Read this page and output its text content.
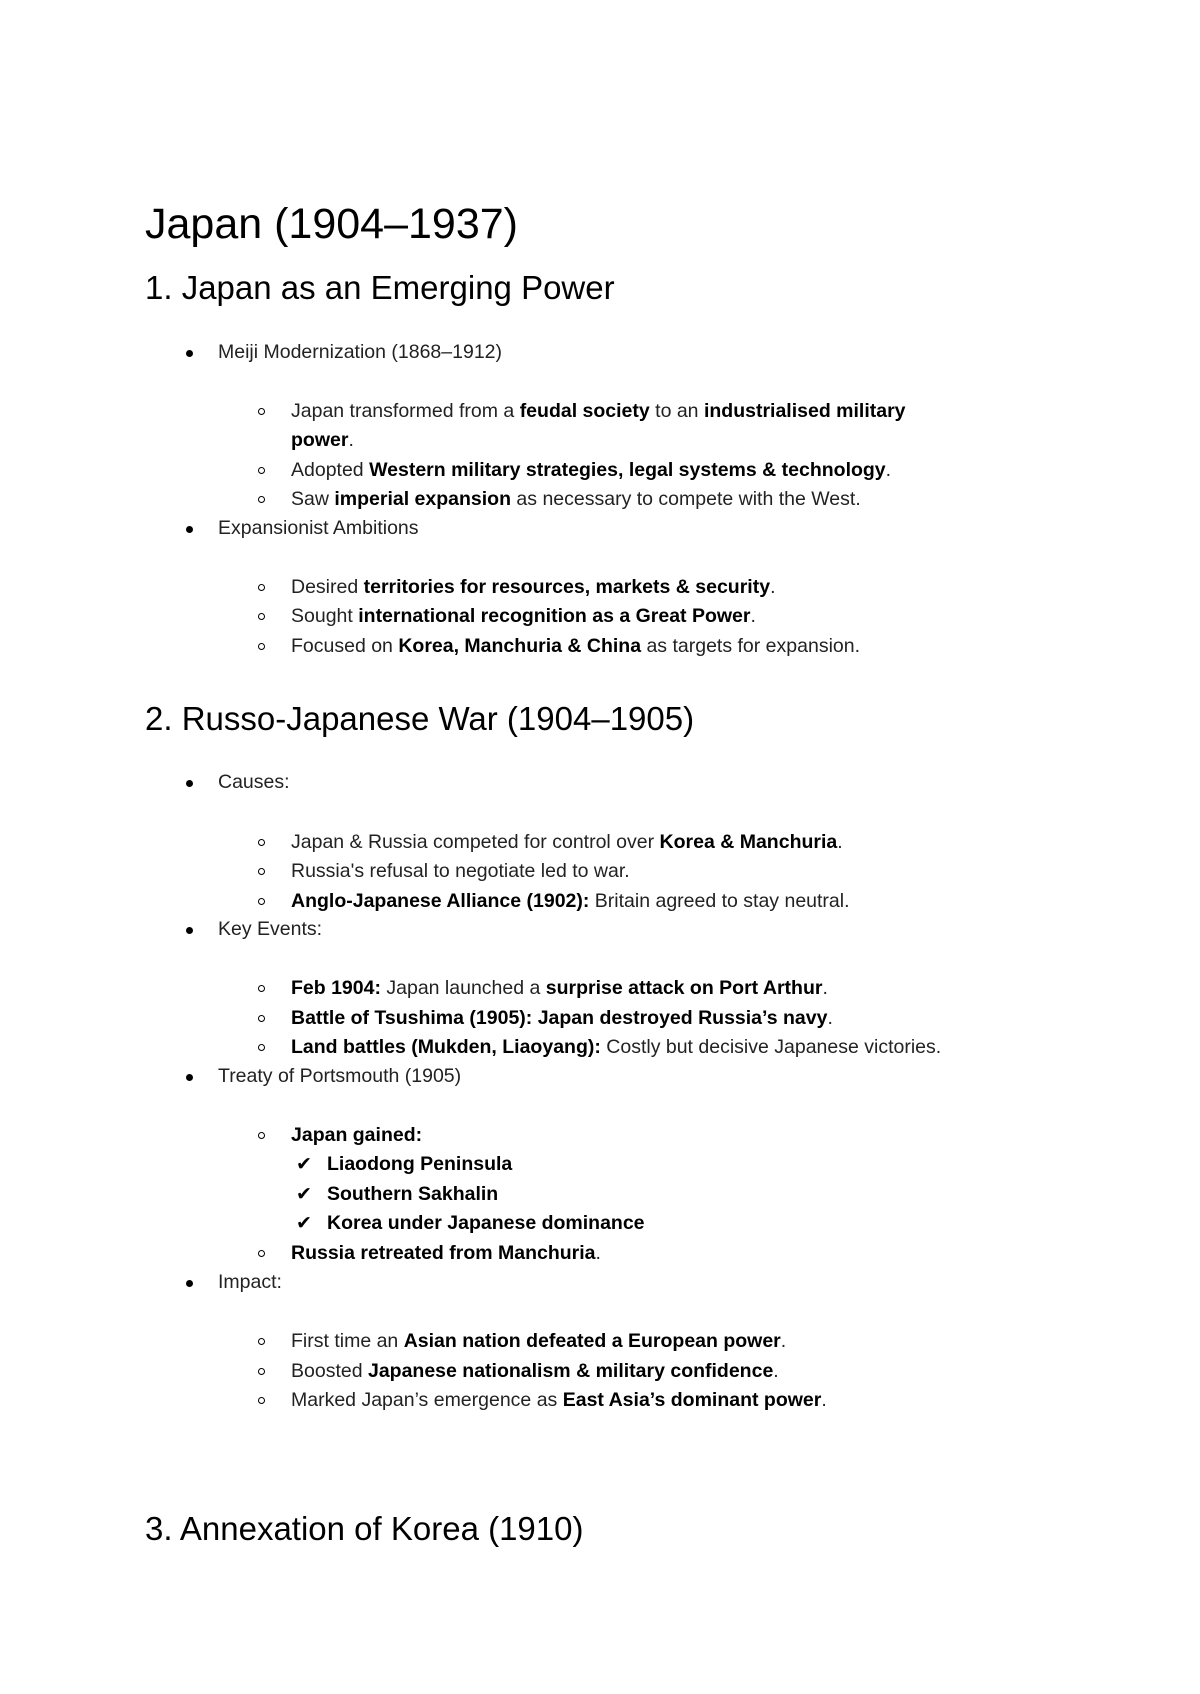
Japan (1904–1937)
1. Japan as an Emerging Power
Meiji Modernization (1868–1912)
Japan transformed from a feudal society to an industrialised military
power.
Adopted Western military strategies, legal systems & technology.
Saw imperial expansion as necessary to compete with the West.
Expansionist Ambitions
Desired territories for resources, markets & security.
Sought international recognition as a Great Power.
Focused on Korea, Manchuria & China as targets for expansion.
2. Russo-Japanese War (1904–1905)
Causes:
Japan & Russia competed for control over Korea & Manchuria.
Russia's refusal to negotiate led to war.
Anglo-Japanese Alliance (1902): Britain agreed to stay neutral.
Key Events:
Feb 1904: Japan launched a surprise attack on Port Arthur.
Battle of Tsushima (1905): Japan destroyed Russia’s navy.
Land battles (Mukden, Liaoyang): Costly but decisive Japanese victories.
Treaty of Portsmouth (1905)
Japan gained:
✔ Liaodong Peninsula
✔ Southern Sakhalin
✔ Korea under Japanese dominance
Russia retreated from Manchuria.
Impact:
First time an Asian nation defeated a European power.
Boosted Japanese nationalism & military confidence.
Marked Japan’s emergence as East Asia’s dominant power.
3. Annexation of Korea (1910)
